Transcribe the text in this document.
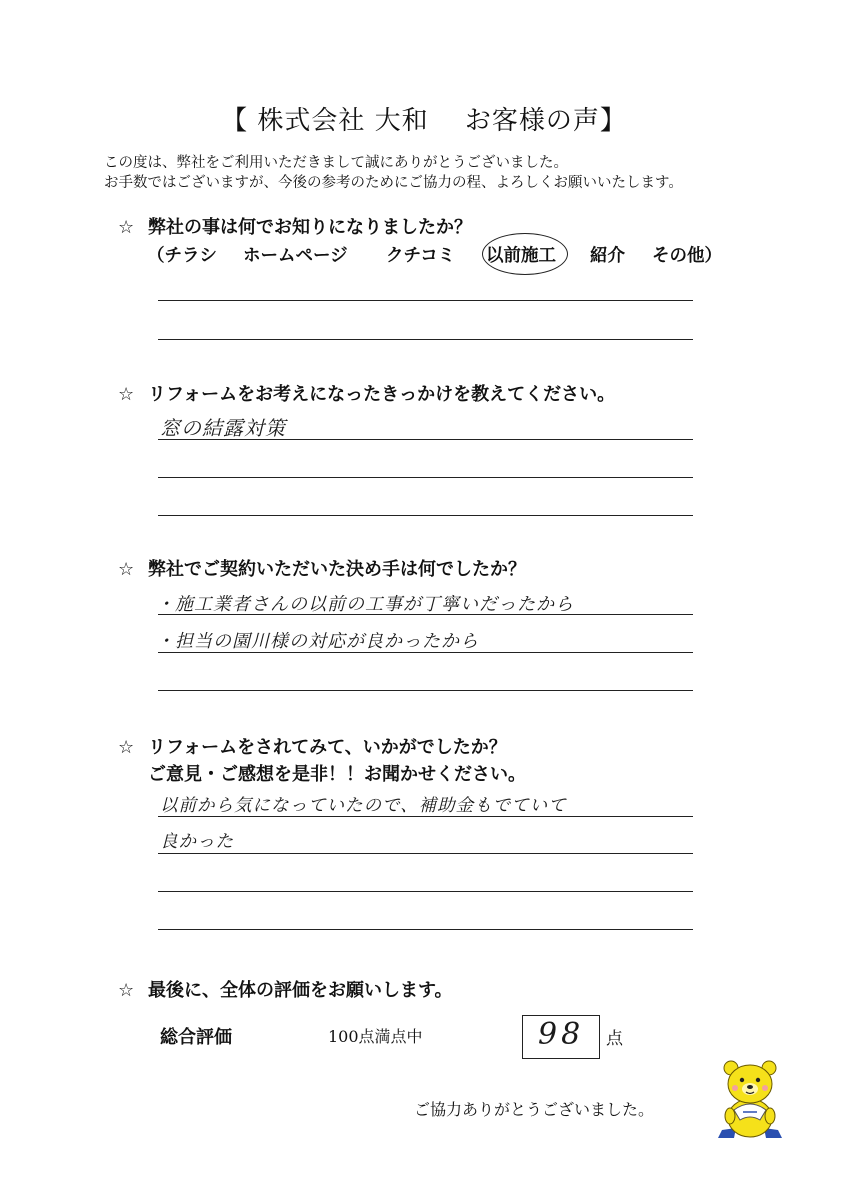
【 株式会社 大和　 お客様の声】
この度は、弊社をご利用いただきまして誠にありがとうございました。
お手数ではございますが、今後の参考のためにご協力の程、よろしくお願いいたします。
☆ 弊社の事は何でお知りになりましたか？
（チラシ ホームページ クチコミ 以前施工 紹介 その他）
☆ リフォームをお考えになったきっかけを教えてください。
窓の結露対策
☆ 弊社でご契約いただいた決め手は何でしたか？
・施工業者さんの以前の工事が丁寧いだったから
・担当の園川様の対応が良かったから
☆ リフォームをされてみて、いかがでしたか？
ご意見・ご感想を是非！！お聞かせください。
以前から気になっていたので、補助金もでていて
良かった
☆ 最後に、全体の評価をお願いします。
総合評価	100点満点中	98 点
ご協力ありがとうございました。
